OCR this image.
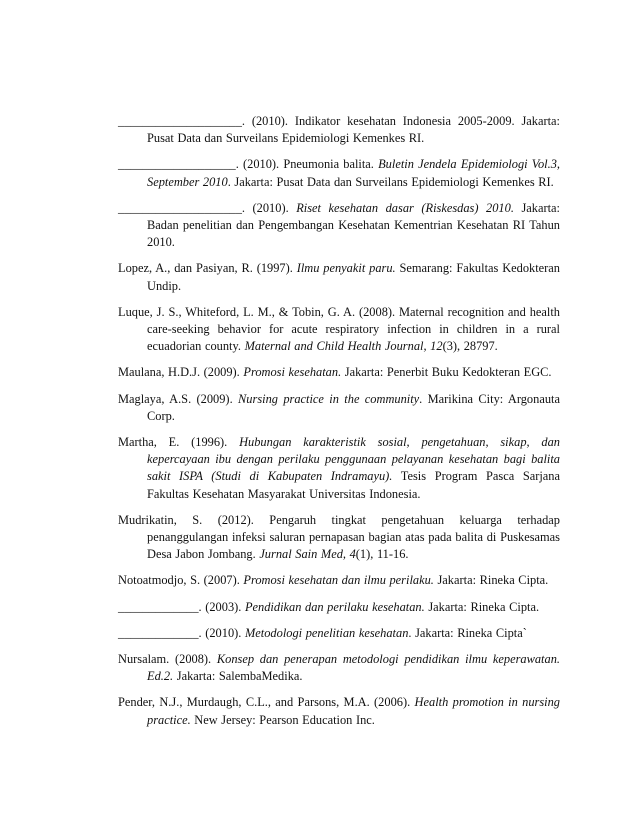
____________________. (2010). Indikator kesehatan Indonesia 2005-2009. Jakarta: Pusat Data dan Surveilans Epidemiologi Kemenkes RI.

___________________. (2010). Pneumonia balita. Buletin Jendela Epidemiologi Vol.3, September 2010. Jakarta: Pusat Data dan Surveilans Epidemiologi Kemenkes RI.

____________________. (2010). Riset kesehatan dasar (Riskesdas) 2010. Jakarta: Badan penelitian dan Pengembangan Kesehatan Kementrian Kesehatan RI Tahun 2010.

Lopez, A., dan Pasiyan, R. (1997). Ilmu penyakit paru. Semarang: Fakultas Kedokteran Undip.

Luque, J. S., Whiteford, L. M., & Tobin, G. A. (2008). Maternal recognition and health care-seeking behavior for acute respiratory infection in children in a rural ecuadorian county. Maternal and Child Health Journal, 12(3), 28797.

Maulana, H.D.J. (2009). Promosi kesehatan. Jakarta: Penerbit Buku Kedokteran EGC.

Maglaya, A.S. (2009). Nursing practice in the community. Marikina City: Argonauta Corp.

Martha, E. (1996). Hubungan karakteristik sosial, pengetahuan, sikap, dan kepercayaan ibu dengan perilaku penggunaan pelayanan kesehatan bagi balita sakit ISPA (Studi di Kabupaten Indramayu). Tesis Program Pasca Sarjana Fakultas Kesehatan Masyarakat Universitas Indonesia.

Mudrikatin, S. (2012). Pengaruh tingkat pengetahuan keluarga terhadap penanggulangan infeksi saluran pernapasan bagian atas pada balita di Puskesamas Desa Jabon Jombang. Jurnal Sain Med, 4(1), 11-16.

Notoatmodjo, S. (2007). Promosi kesehatan dan ilmu perilaku. Jakarta: Rineka Cipta.

_____________. (2003). Pendidikan dan perilaku kesehatan. Jakarta: Rineka Cipta.

_____________. (2010). Metodologi penelitian kesehatan. Jakarta: Rineka Cipta`

Nursalam. (2008). Konsep dan penerapan metodologi pendidikan ilmu keperawatan. Ed.2. Jakarta: SalembaMedika.

Pender, N.J., Murdaugh, C.L., and Parsons, M.A. (2006). Health promotion in nursing practice. New Jersey: Pearson Education Inc.
